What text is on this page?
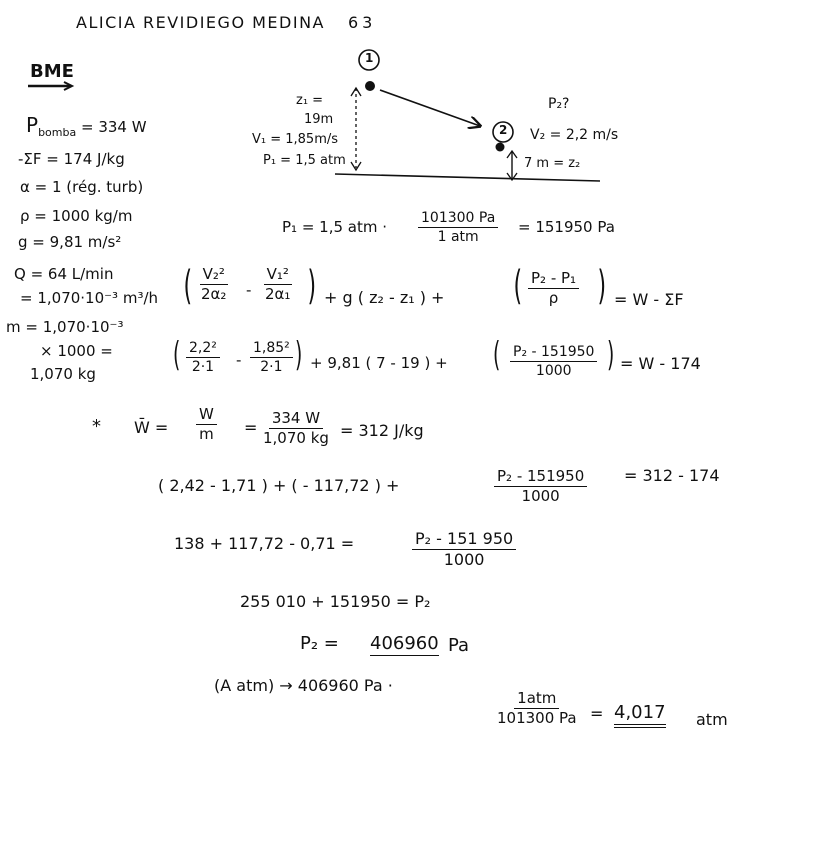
ALICIA REVIDIEGO MEDINA 63
BME
$P_{bomba} = 334$ W
-ΣF = 174 J/kg
α = 1 (rég. turb)
ρ = 1000 kg/m
g = 9,81 m/s²
Q = 64 L/min
= 1,070·10⁻³ m³/h
m = 1,070·10⁻³
× 1000 =
1,070 kg
1
2
z₁ =
19m
V₁ = 1,85m/s
P₁ = 1,5 atm
P₂?
V₂ = 2,2 m/s
7 m = z₂
P₁ = 1,5 atm · 101300 Pa
1 atm
= 151950 Pa
( $\frac{\text{V₂²}}{\text{2α₂}} - \frac{\text{V₁²}}{\text{2α₁}}$ ) + g ( z₂ - z₁ ) + ( $\frac{\text{P₂ - P₁}}{\rho}$ ) = W - ΣF
( $\frac{\text{2,2²}}{2\cdot 1} - \frac{\text{1,85²}}{2\cdot 1}$ ) + 9,81 ( 7 - 19 ) + ( $\frac{\text{P₂ - 151950}}{1000}$ ) = W - 174
* W̄ = $\frac{W}{m} = \frac{334 W}{1,070 kg} = 312$ J/kg
( 2,42 - 1,71 ) + ( - 117,72 ) +	$\frac{\text{P₂ - 151950}}{1000} = 312 - 174$
138 + 117,72 - 0,71 =	$\frac{\text{P₂ - 151 950}}{1000}$
255 010 + 151950 = P₂
P₂ = 406960 Pa
(A atm) → 406960 Pa ·
1atm
101300 Pa = 4,017 atm
